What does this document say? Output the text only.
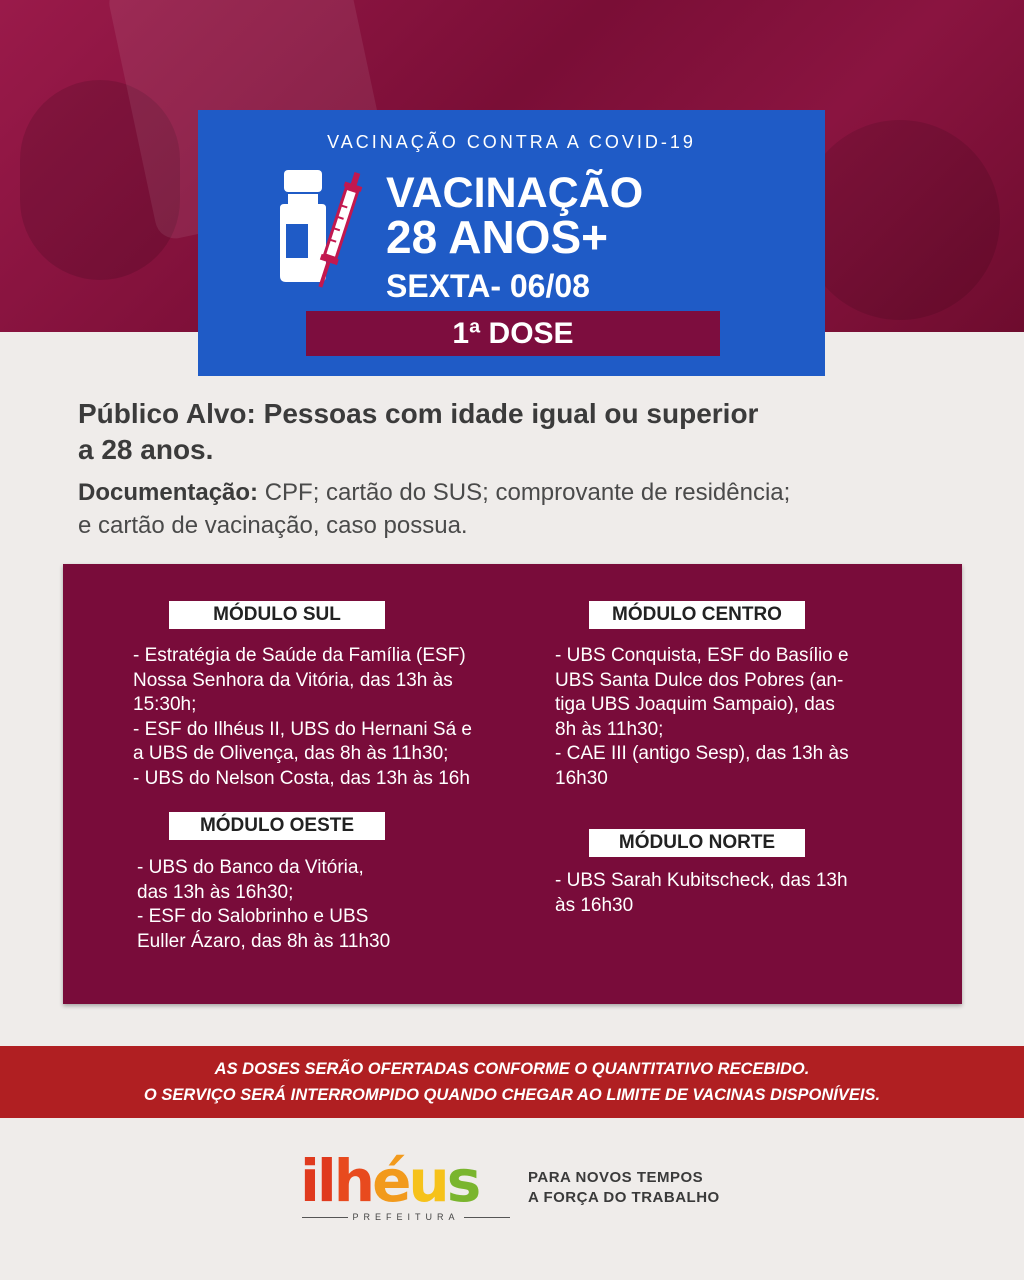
VACINAÇÃO CONTRA A COVID-19
VACINAÇÃO
28 ANOS+
SEXTA- 06/08
1ª DOSE
Público Alvo: Pessoas com idade igual ou superior
a 28 anos.
Documentação: CPF; cartão do SUS; comprovante de residência;
e cartão de vacinação, caso possua.
MÓDULO SUL
- Estratégia de Saúde da Família (ESF)
Nossa Senhora da Vitória, das 13h às
15:30h;
- ESF do Ilhéus II, UBS do Hernani Sá e
a UBS de Olivença, das 8h às 11h30;
- UBS do Nelson Costa, das 13h às 16h
MÓDULO OESTE
- UBS do Banco da Vitória,
das 13h às 16h30;
- ESF do Salobrinho e UBS
Euller Ázaro, das 8h às 11h30
MÓDULO CENTRO
- UBS Conquista, ESF do Basílio e
UBS Santa Dulce dos Pobres (an-
tiga UBS Joaquim Sampaio), das
8h às 11h30;
- CAE III (antigo Sesp), das 13h às
16h30
MÓDULO NORTE
- UBS Sarah Kubitscheck, das 13h
às 16h30
AS DOSES SERÃO OFERTADAS CONFORME O QUANTITATIVO RECEBIDO.
O SERVIÇO SERÁ INTERROMPIDO QUANDO CHEGAR AO LIMITE DE VACINAS DISPONÍVEIS.
ilhéus
PREFEITURA
PARA NOVOS TEMPOS
A FORÇA DO TRABALHO
